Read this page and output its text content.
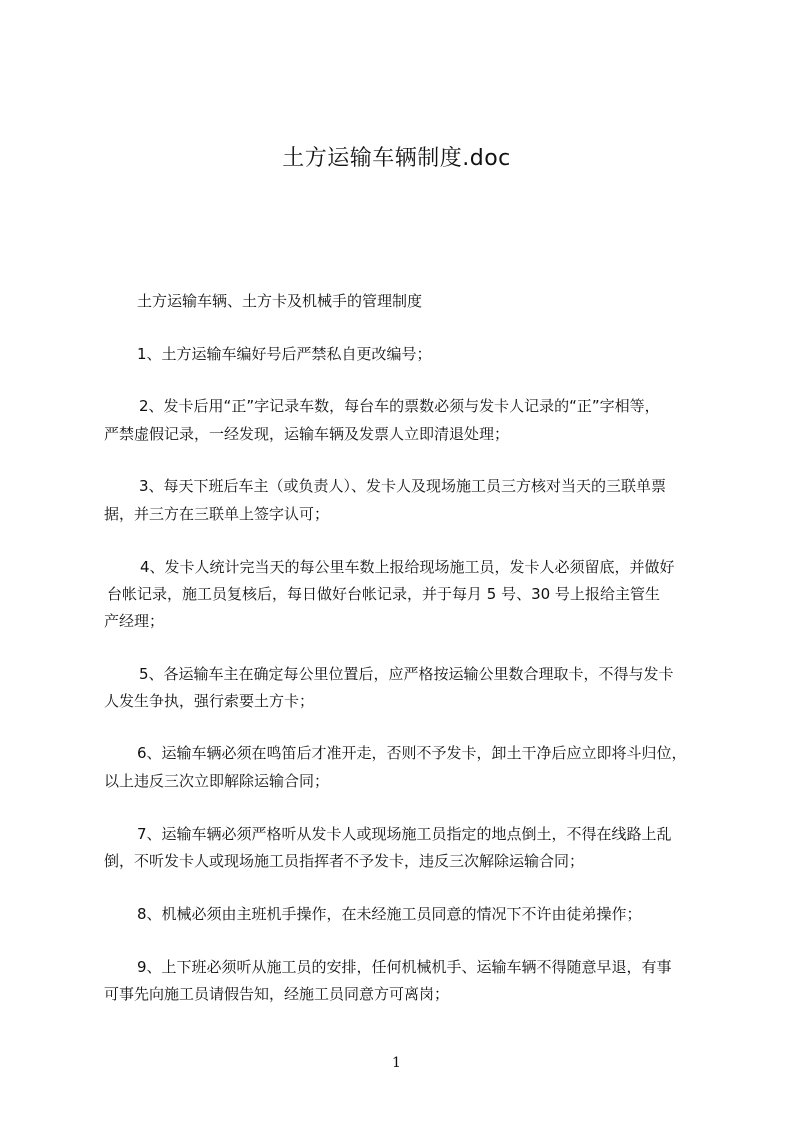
土方运输车辆制度.doc
土方运输车辆、土方卡及机械手的管理制度
1、土方运输车编好号后严禁私自更改编号；
2、发卡后用“正”字记录车数，每台车的票数必须与发卡人记录的“正”字相等，
严禁虚假记录，一经发现，运输车辆及发票人立即清退处理；
3、每天下班后车主（或负责人）、发卡人及现场施工员三方核对当天的三联单票
据，并三方在三联单上签字认可；
4、发卡人统计完当天的每公里车数上报给现场施工员，发卡人必须留底，并做好
台帐记录，施工员复核后，每日做好台帐记录，并于每月 5 号、30 号上报给主管生
产经理；
5、各运输车主在确定每公里位置后，应严格按运输公里数合理取卡，不得与发卡
人发生争执，强行索要土方卡；
6、运输车辆必须在鸣笛后才准开走，否则不予发卡，卸土干净后应立即将斗归位，
以上违反三次立即解除运输合同；
7、运输车辆必须严格听从发卡人或现场施工员指定的地点倒土，不得在线路上乱
倒，不听发卡人或现场施工员指挥者不予发卡，违反三次解除运输合同；
8、机械必须由主班机手操作，在未经施工员同意的情况下不许由徒弟操作；
9、上下班必须听从施工员的安排，任何机械机手、运输车辆不得随意早退，有事
可事先向施工员请假告知，经施工员同意方可离岗；
1
